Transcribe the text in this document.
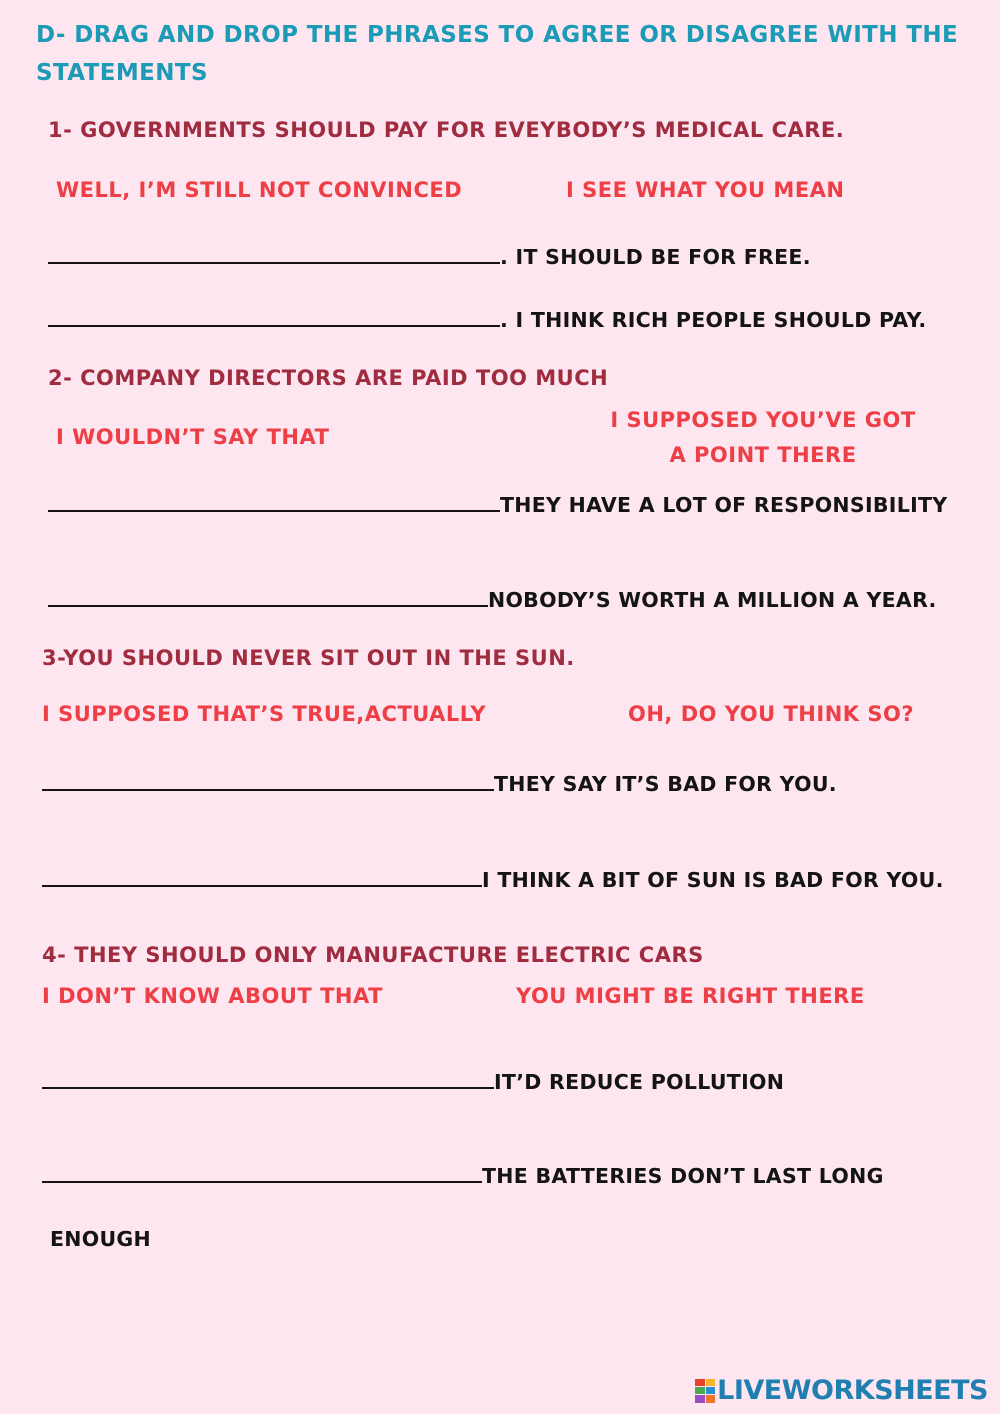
D- DRAG AND DROP THE PHRASES TO AGREE OR DISAGREE WITH THE STATEMENTS
1- GOVERNMENTS SHOULD PAY FOR EVEYBODY’S MEDICAL CARE.
WELL, I’M STILL NOT CONVINCED	I SEE WHAT YOU MEAN
. IT SHOULD BE FOR FREE.
. I THINK RICH PEOPLE SHOULD PAY.
2- COMPANY DIRECTORS ARE PAID TOO MUCH
I WOULDN’T SAY THAT
I SUPPOSED YOU’VE GOT
A POINT THERE
THEY HAVE A LOT OF RESPONSIBILITY
NOBODY’S WORTH A MILLION A YEAR.
3-YOU SHOULD NEVER SIT OUT IN THE SUN.
I SUPPOSED THAT’S TRUE,ACTUALLY	OH, DO YOU THINK SO?
THEY SAY IT’S BAD FOR YOU.
I THINK A BIT OF SUN IS BAD FOR YOU.
4- THEY SHOULD ONLY MANUFACTURE ELECTRIC CARS
I DON’T KNOW ABOUT THAT	YOU MIGHT BE RIGHT THERE
IT’D REDUCE POLLUTION
THE BATTERIES DON’T LAST LONG
ENOUGH
LIVEWORKSHEETS
